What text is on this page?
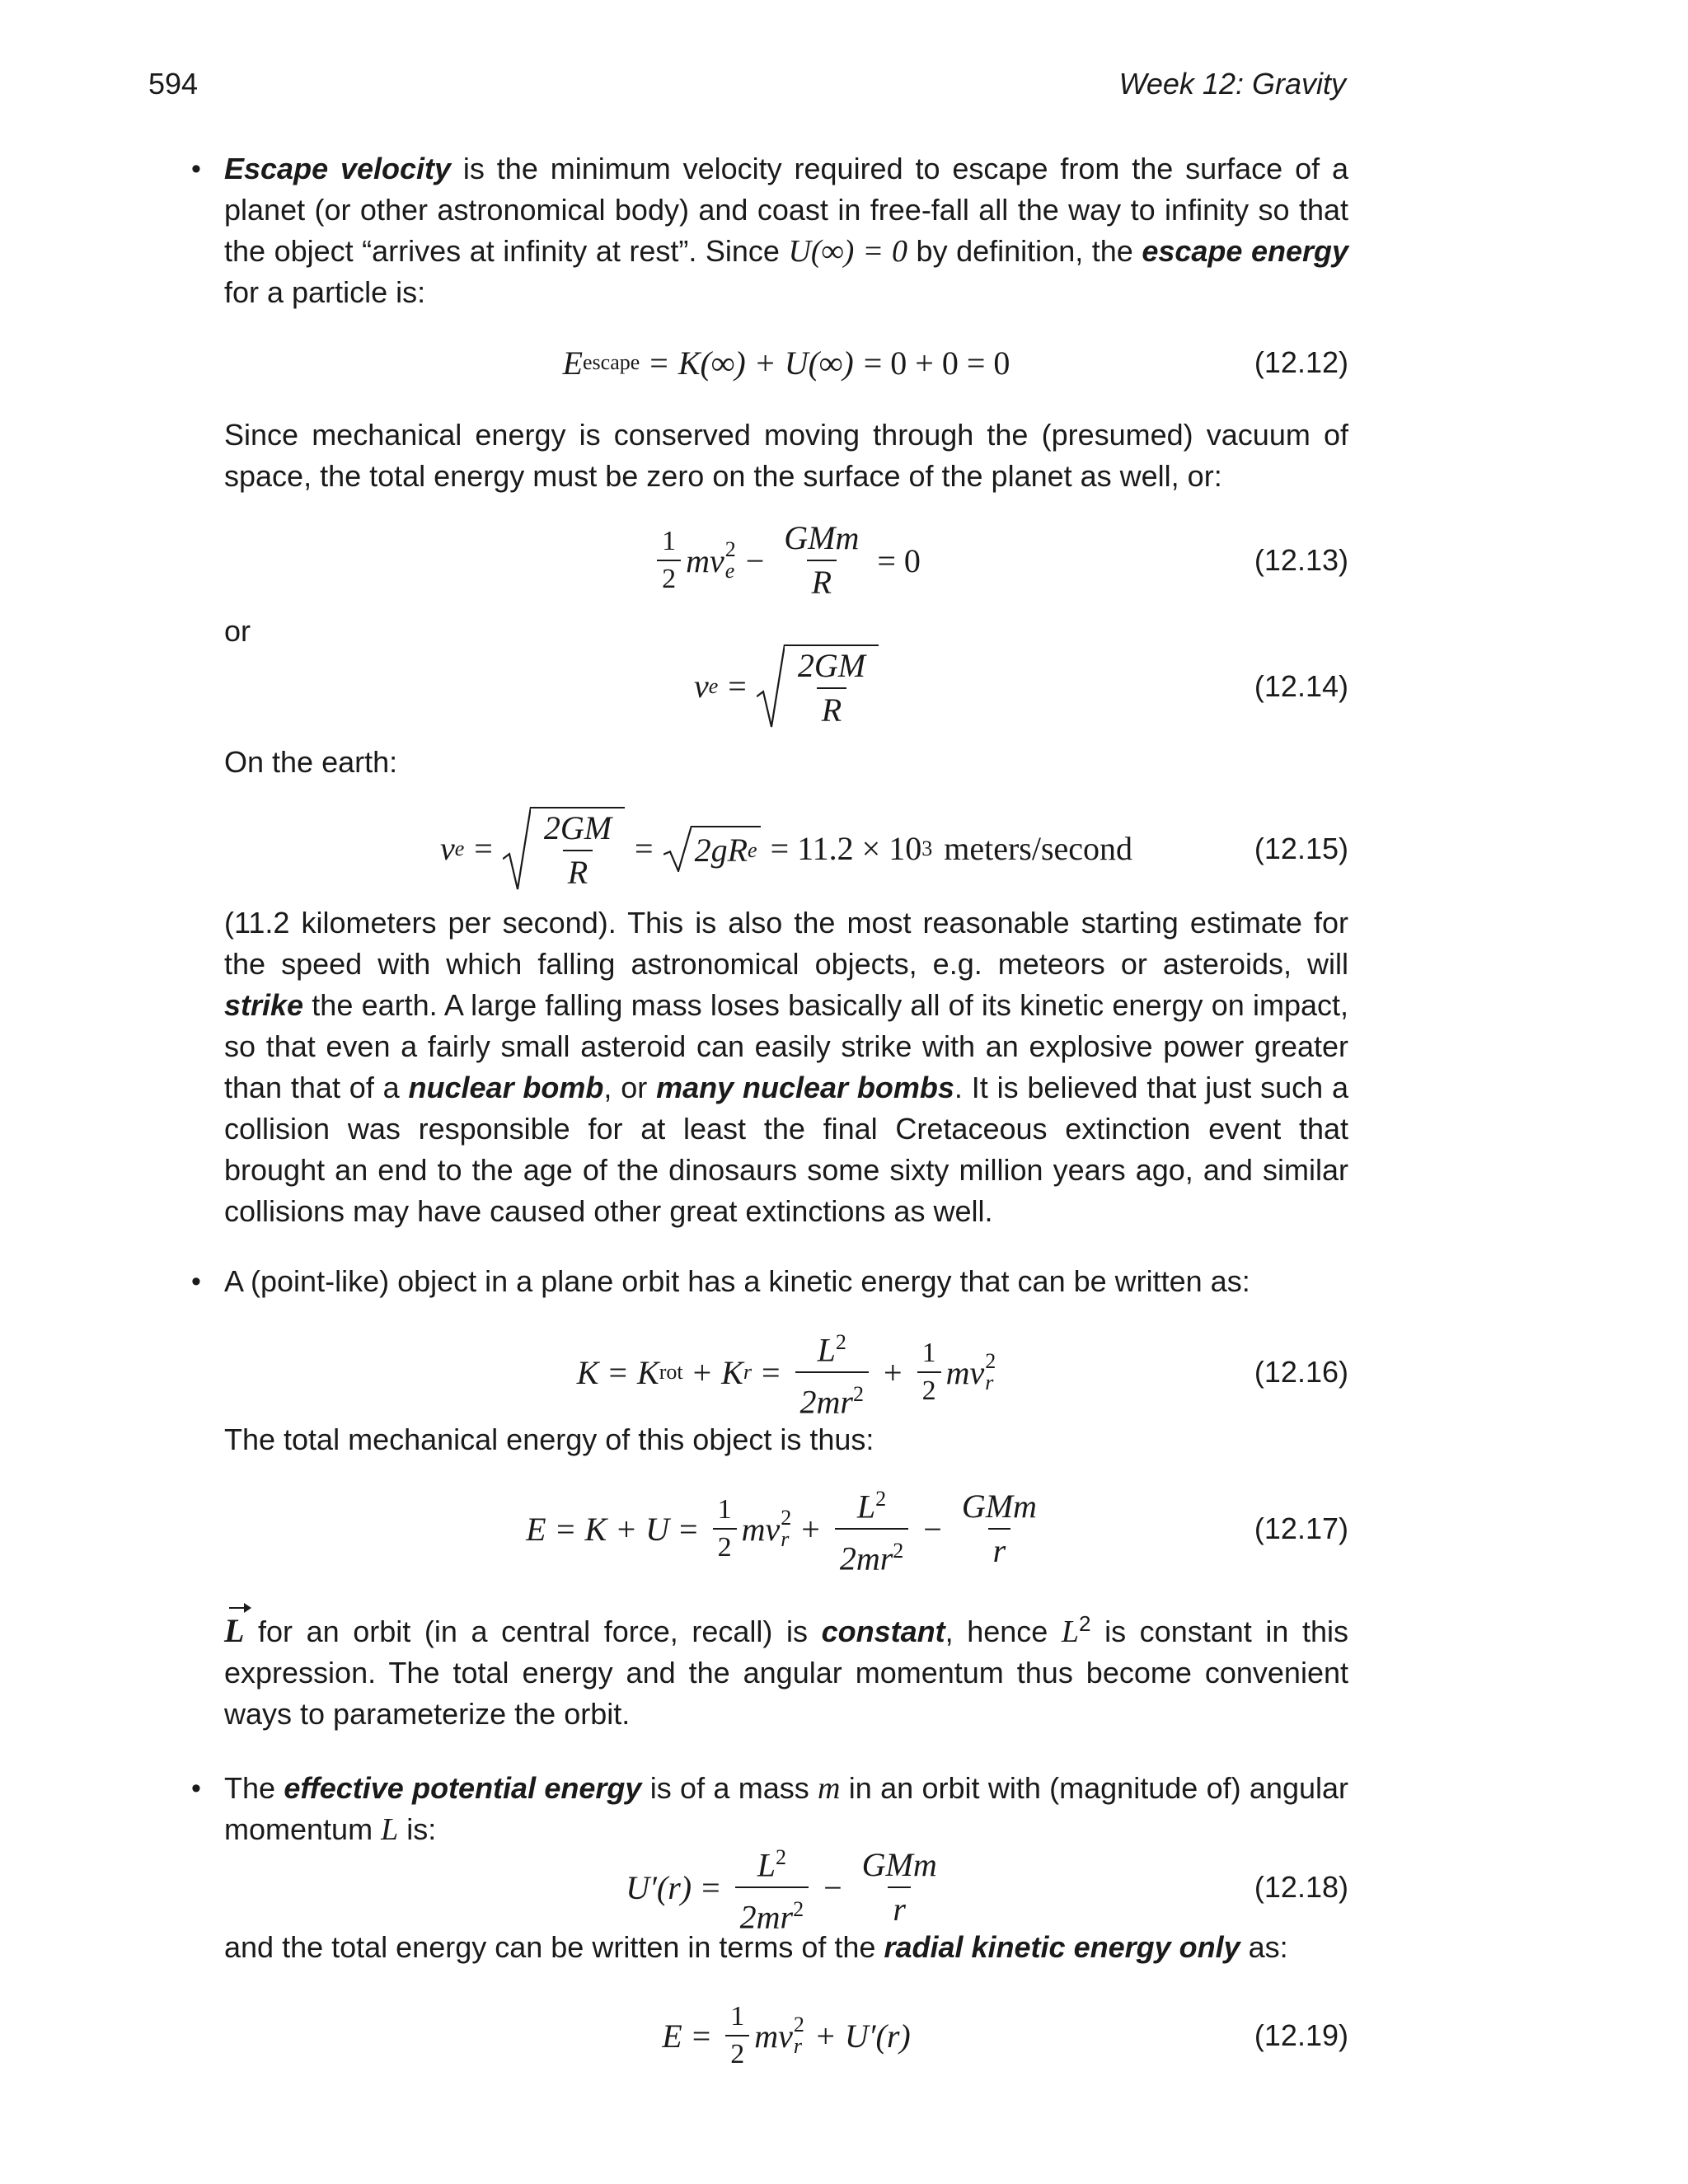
594	Week 12: Gravity
• Escape velocity is the minimum velocity required to escape from the surface of a planet (or other astronomical body) and coast in free-fall all the way to infinity so that the object “arrives at infinity at rest”. Since U(∞) = 0 by definition, the escape energy for a particle is:
E escape = K(∞) + U(∞) = 0 + 0 = 0	(12.12)
Since mechanical energy is conserved moving through the (presumed) vacuum of space, the total energy must be zero on the surface of the planet as well, or:
$\frac{1}{2}$ mv 2
$e - \frac{\text{GMm}}{R} = 0$	(12.13)
or
v $e = \frac{2GM}{R}$	(12.14)
On the earth:
v $e = \frac{2GM}{R} = 2gR$ e = 11.2 × 10 3 meters/second	(12.15)
(11.2 kilometers per second). This is also the most reasonable starting estimate for the speed with which falling astronomical objects, e.g. meteors or asteroids, will strike the earth. A large falling mass loses basically all of its kinetic energy on impact, so that even a fairly small asteroid can easily strike with an explosive power greater than that of a nuclear bomb, or many nuclear bombs. It is believed that just such a collision was responsible for at least the final Cretaceous extinction event that brought an end to the age of the dinosaurs some sixty million years ago, and similar collisions may have caused other great extinctions as well.
• A (point-like) object in a plane orbit has a kinetic energy that can be written as:
K = K rot + K $r = \frac{L^2}{2mr^2} + \frac{1}{2}$ mv 2
r	(12.16)
The total mechanical energy of this object is thus:
$E = K + U = \frac{1}{2}$ mv 2
$r + \frac{L^2}{2mr^2} - \frac{\text{GMm}}{r}$	(12.17)
L for an orbit (in a central force, recall) is constant, hence $L^2$ is constant in this expression. The total energy and the angular momentum thus become convenient ways to parameterize the orbit.
• The effective potential energy is of a mass m in an orbit with (magnitude of) angular momentum L is:
$U'(r) = \frac{L^2}{2mr^2} - \frac{\text{GMm}}{r}$	(12.18)
and the total energy can be written in terms of the radial kinetic energy only as:
$E = \frac{1}{2}$ mv 2
r + U′(r)	(12.19)
